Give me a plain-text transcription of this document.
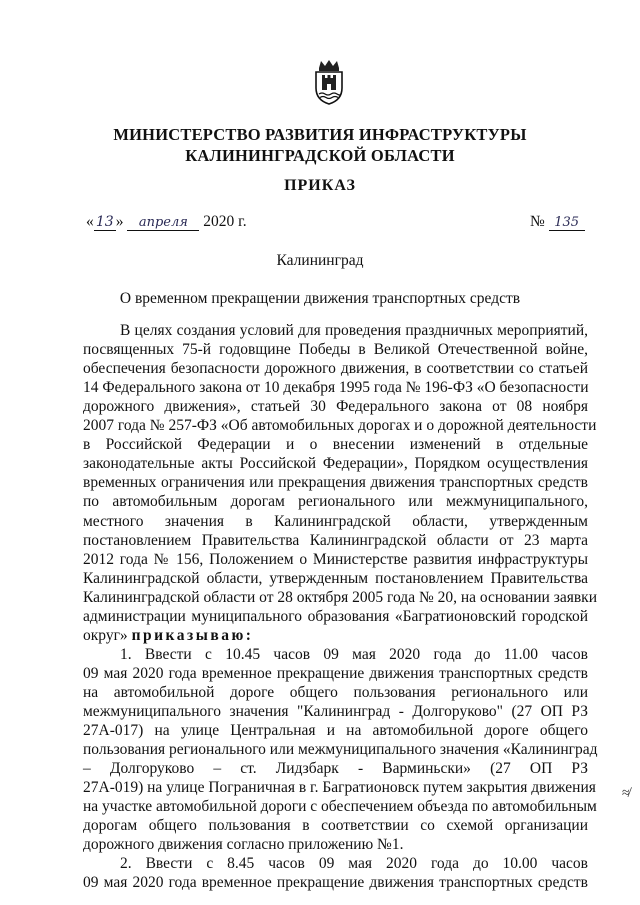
МИНИСТЕРСТВО РАЗВИТИЯ ИНФРАСТРУКТУРЫ
КАЛИНИНГРАДСКОЙ ОБЛАСТИ
ПРИКАЗ
« 13 » апреля 2020 г.	№ 135
Калининград
О временном прекращении движения транспортных средств
В целях создания условий для проведения праздничных мероприятий,
посвященных 75-й годовщине Победы в Великой Отечественной войне,
обеспечения безопасности дорожного движения, в соответствии со статьей
14 Федерального закона от 10 декабря 1995 года № 196-ФЗ «О безопасности
дорожного движения», статьей 30 Федерального закона от 08 ноября
2007 года № 257-ФЗ «Об автомобильных дорогах и о дорожной деятельности
в Российской Федерации и о внесении изменений в отдельные
законодательные акты Российской Федерации», Порядком осуществления
временных ограничения или прекращения движения транспортных средств
по автомобильным дорогам регионального или межмуниципального,
местного значения в Калининградской области, утвержденным
постановлением Правительства Калининградской области от 23 марта
2012 года № 156, Положением о Министерстве развития инфраструктуры
Калининградской области, утвержденным постановлением Правительства
Калининградской области от 28 октября 2005 года № 20, на основании заявки
администрации муниципального образования «Багратионовский городской
округ» приказываю:
1. Ввести с 10.45 часов 09 мая 2020 года до 11.00 часов
09 мая 2020 года временное прекращение движения транспортных средств
на автомобильной дороге общего пользования регионального или
межмуниципального значения "Калининград - Долгоруково" (27 ОП РЗ
27А-017) на улице Центральная и на автомобильной дороге общего
пользования регионального или межмуниципального значения «Калининград
– Долгоруково – ст. Лидзбарк - Варминьски» (27 ОП РЗ
27А-019) на улице Пограничная в г. Багратионовск путем закрытия движения
на участке автомобильной дороги с обеспечением объезда по автомобильным
дорогам общего пользования в соответствии со схемой организации
дорожного движения согласно приложению №1.
2. Ввести с 8.45 часов 09 мая 2020 года до 10.00 часов
09 мая 2020 года временное прекращение движения транспортных средств
≉
